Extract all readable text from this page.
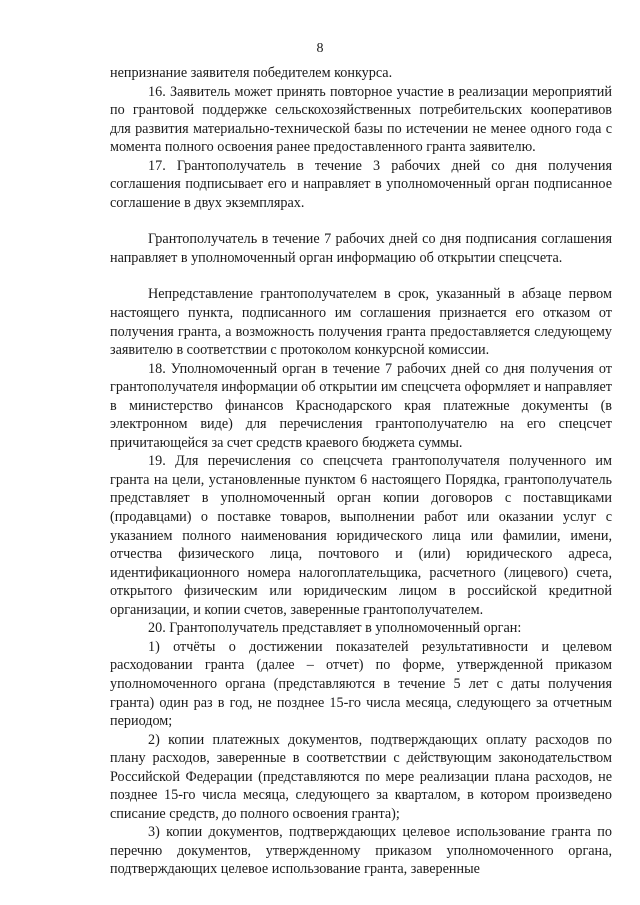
8

непризнание заявителя победителем конкурса.

16. Заявитель может принять повторное участие в реализации мероприятий по грантовой поддержке сельскохозяйственных потребительских кооперативов для развития материально-технической базы по истечении не менее одного года с момента полного освоения ранее предоставленного гранта заявителю.

17. Грантополучатель в течение 3 рабочих дней со дня получения соглашения подписывает его и направляет в уполномоченный орган подписанное соглашение в двух экземплярах.

Грантополучатель в течение 7 рабочих дней со дня подписания соглашения направляет в уполномоченный орган информацию об открытии спецсчета.

Непредставление грантополучателем в срок, указанный в абзаце первом настоящего пункта, подписанного им соглашения признается его отказом от получения гранта, а возможность получения гранта предоставляется следующему заявителю в соответствии с протоколом конкурсной комиссии.

18. Уполномоченный орган в течение 7 рабочих дней со дня получения от грантополучателя информации об открытии им спецсчета оформляет и направляет в министерство финансов Краснодарского края платежные документы (в электронном виде) для перечисления грантополучателю на его спецсчет причитающейся за счет средств краевого бюджета суммы.

19. Для перечисления со спецсчета грантополучателя полученного им гранта на цели, установленные пунктом 6 настоящего Порядка, грантополучатель представляет в уполномоченный орган копии договоров с поставщиками (продавцами) о поставке товаров, выполнении работ или оказании услуг с указанием полного наименования юридического лица или фамилии, имени, отчества физического лица, почтового и (или) юридического адреса, идентификационного номера налогоплательщика, расчетного (лицевого) счета, открытого физическим или юридическим лицом в российской кредитной организации, и копии счетов, заверенные грантополучателем.

20. Грантополучатель представляет в уполномоченный орган:

1) отчёты о достижении показателей результативности и целевом расходовании гранта (далее – отчет) по форме, утвержденной приказом уполномоченного органа (представляются в течение 5 лет с даты получения гранта) один раз в год, не позднее 15-го числа месяца, следующего за отчетным периодом;

2) копии платежных документов, подтверждающих оплату расходов по плану расходов, заверенные в соответствии с действующим законодательством Российской Федерации (представляются по мере реализации плана расходов, не позднее 15-го числа месяца, следующего за кварталом, в котором произведено списание средств, до полного освоения гранта);

3) копии документов, подтверждающих целевое использование гранта по перечню документов, утвержденному приказом уполномоченного органа, подтверждающих целевое использование гранта, заверенные
